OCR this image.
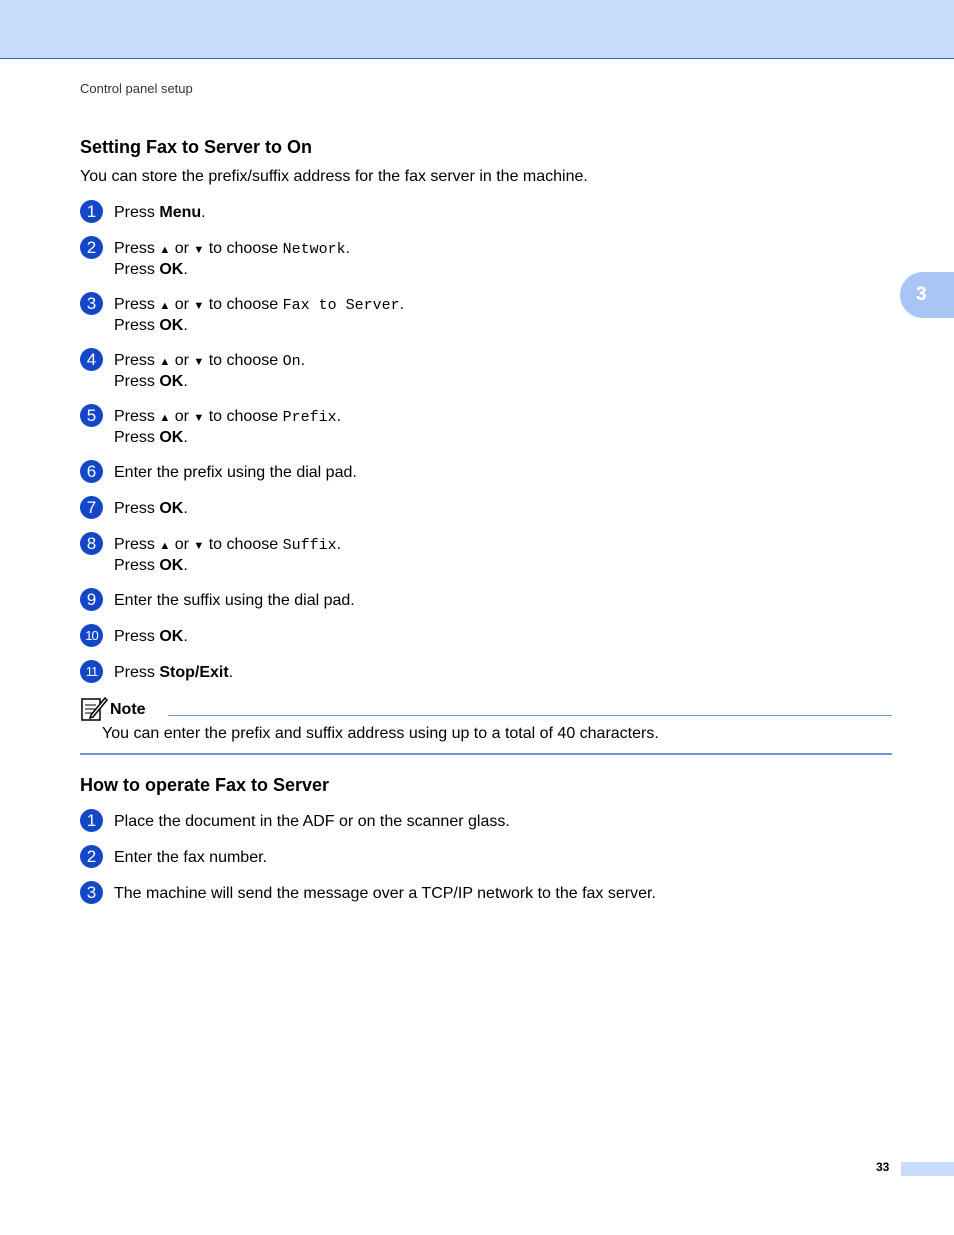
Control panel setup
3
Setting Fax to Server to On
You can store the prefix/suffix address for the fax server in the machine.
1	Press Menu.
2	Press ▲ or ▼ to choose Network.
Press OK.
3	Press ▲ or ▼ to choose Fax to Server.
Press OK.
4	Press ▲ or ▼ to choose On.
Press OK.
5	Press ▲ or ▼ to choose Prefix.
Press OK.
6	Enter the prefix using the dial pad.
7	Press OK.
8	Press ▲ or ▼ to choose Suffix.
Press OK.
9	Enter the suffix using the dial pad.
10	Press OK.
11	Press Stop/Exit.
Note
You can enter the prefix and suffix address using up to a total of 40 characters.
How to operate Fax to Server
1	Place the document in the ADF or on the scanner glass.
2	Enter the fax number.
3	The machine will send the message over a TCP/IP network to the fax server.
33
